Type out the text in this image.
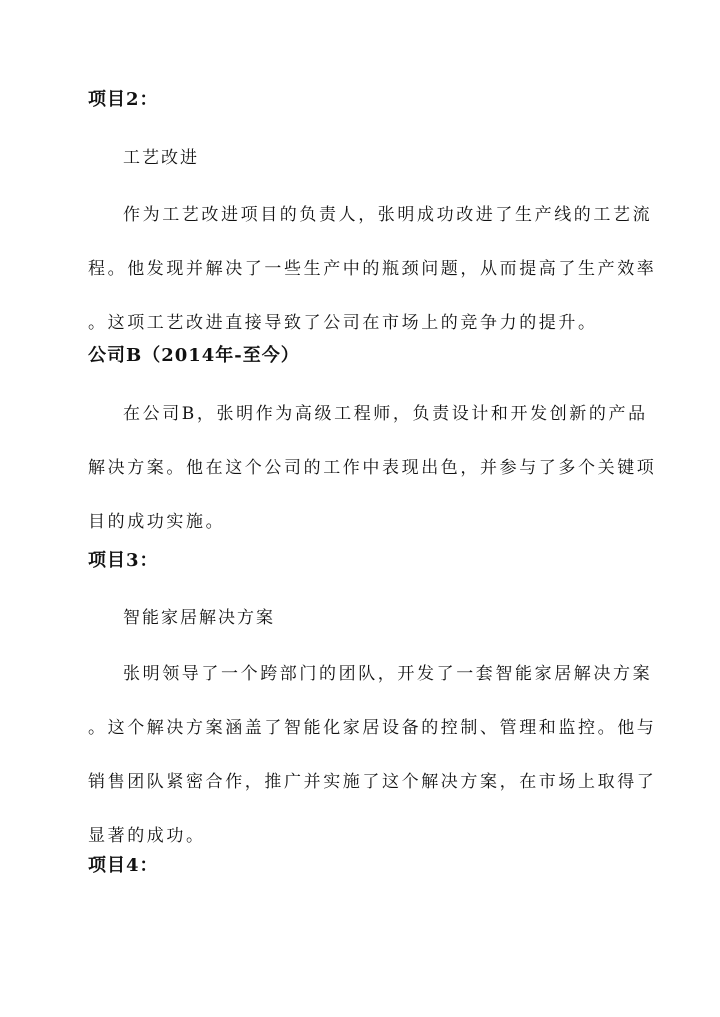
项目2：
工艺改进
作为工艺改进项目的负责人，张明成功改进了生产线的工艺流
程。他发现并解决了一些生产中的瓶颈问题，从而提高了生产效率
。这项工艺改进直接导致了公司在市场上的竞争力的提升。
公司B（2014年-至今）
在公司B，张明作为高级工程师，负责设计和开发创新的产品
解决方案。他在这个公司的工作中表现出色，并参与了多个关键项
目的成功实施。
项目3：
智能家居解决方案
张明领导了一个跨部门的团队，开发了一套智能家居解决方案
。这个解决方案涵盖了智能化家居设备的控制、管理和监控。他与
销售团队紧密合作，推广并实施了这个解决方案，在市场上取得了
显著的成功。
项目4：
